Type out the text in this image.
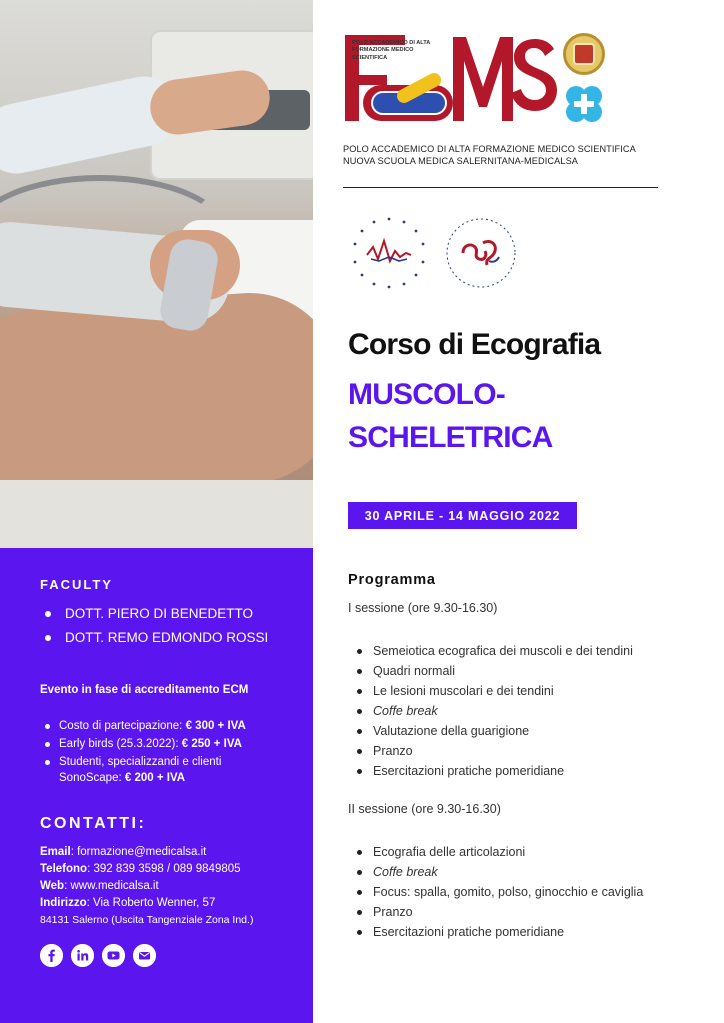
FACULTY
DOTT. PIERO DI BENEDETTO
DOTT. REMO EDMONDO ROSSI
Evento in fase di accreditamento ECM
Costo di partecipazione: € 300 + IVA
Early birds (25.3.2022): € 250 + IVA
Studenti, specializzandi e clienti SonoScape: € 200 + IVA
CONTATTI:
Email: formazione@medicalsa.it
Telefono: 392 839 3598 / 089 9849805
Web: www.medicalsa.it
Indirizzo: Via Roberto Wenner, 57
84131 Salerno (Uscita Tangenziale Zona Ind.)
POLO ACCADEMICO DI ALTA
FORMAZIONE MEDICO
SCIENTIFICA
POLO ACCADEMICO DI ALTA FORMAZIONE MEDICO SCIENTIFICA
NUOVA SCUOLA MEDICA SALERNITANA-MEDICALSA
Corso di Ecografia
MUSCOLO-
SCHELETRICA
30 APRILE - 14 MAGGIO 2022
Programma
I sessione (ore 9.30-16.30)
Semeiotica ecografica dei muscoli e dei tendini
Quadri normali
Le lesioni muscolari e dei tendini
Coffe break
Valutazione della guarigione
Pranzo
Esercitazioni pratiche pomeridiane
II sessione (ore 9.30-16.30)
Ecografia delle articolazioni
Coffe break
Focus: spalla, gomito, polso, ginocchio e caviglia
Pranzo
Esercitazioni pratiche pomeridiane
